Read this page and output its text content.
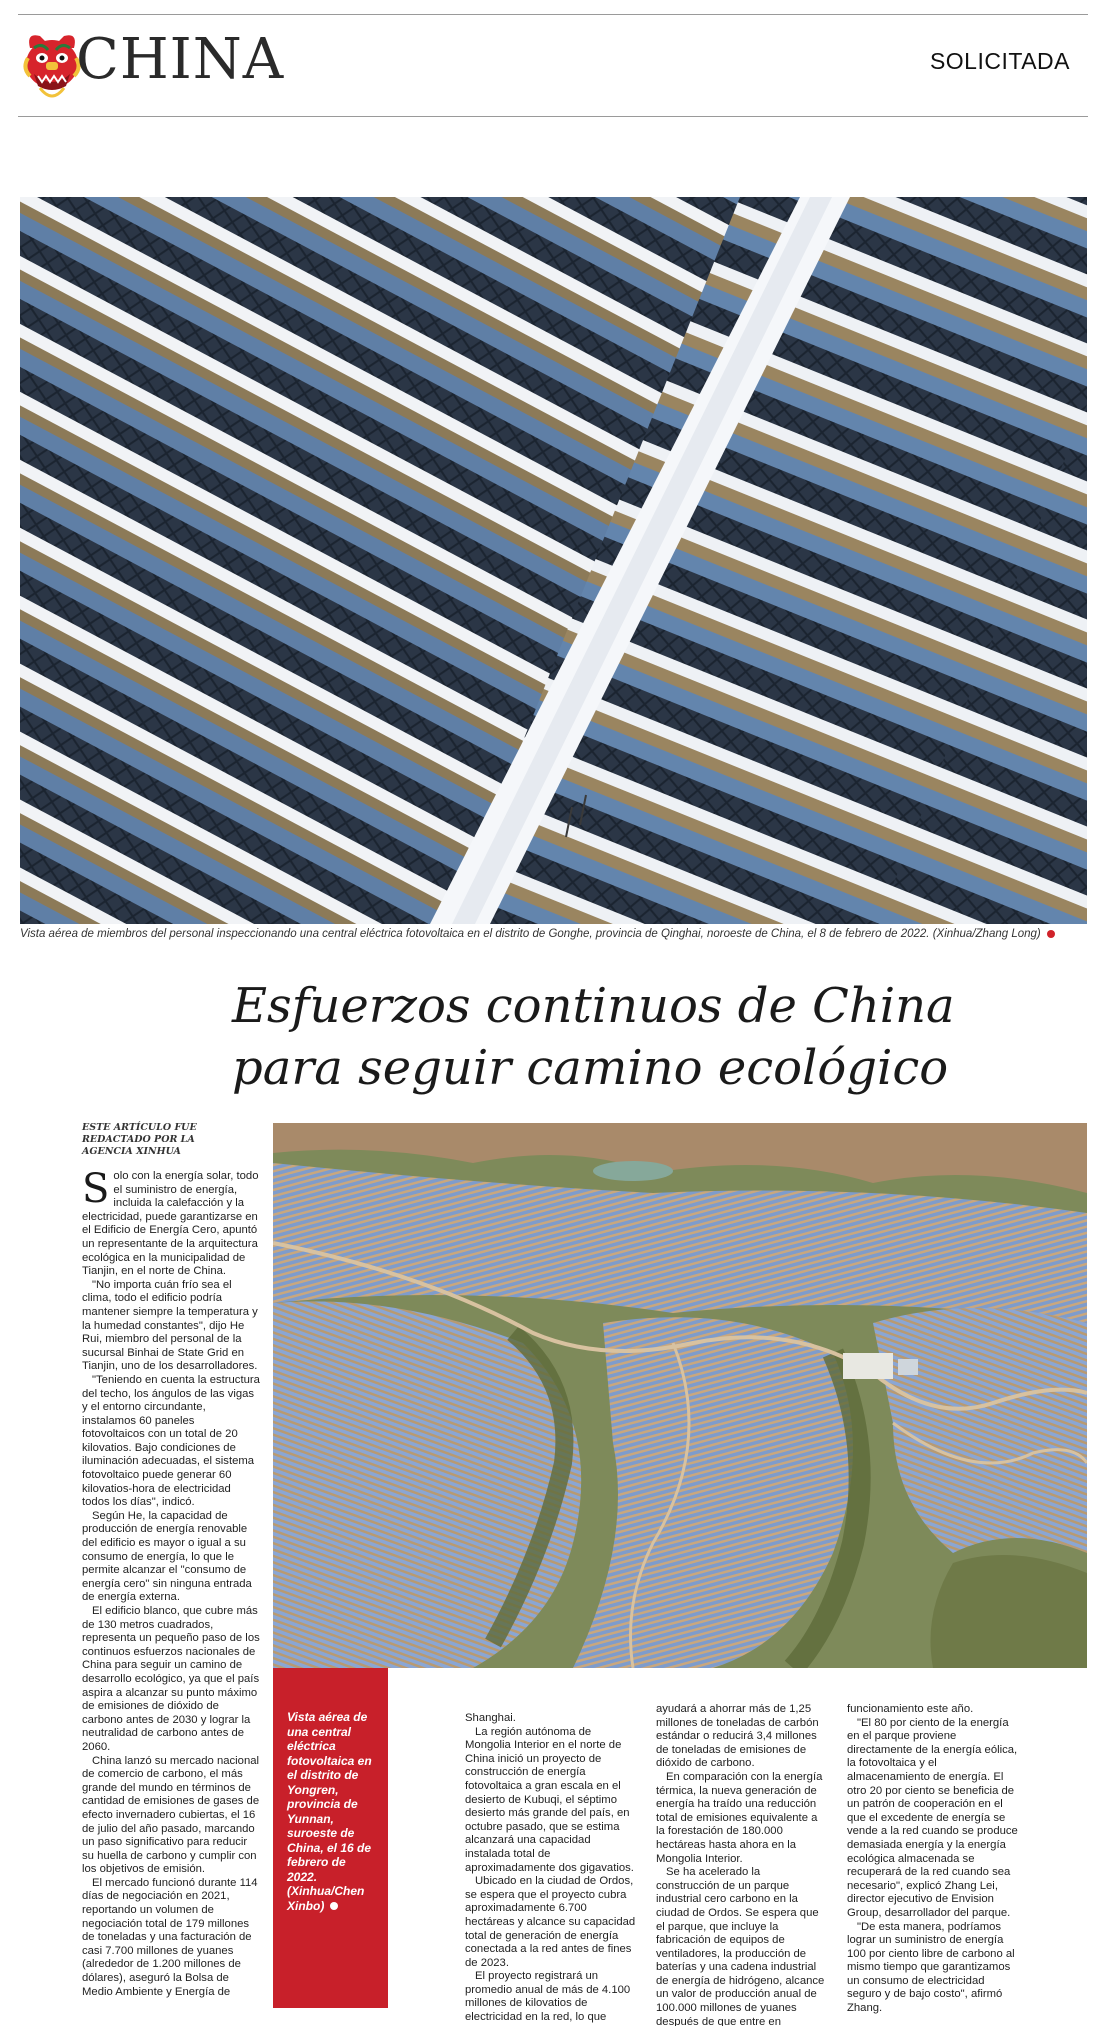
CHINA	SOLICITADA
Vista aérea de miembros del personal inspeccionando una central eléctrica fotovoltaica en el distrito de Gonghe, provincia de Qinghai, noroeste de China, el 8 de febrero de 2022. (Xinhua/Zhang Long)
Esfuerzos continuos de China
para seguir camino ecológico
ESTE ARTÍCULO FUE REDACTADO POR LA AGENCIA XINHUA

Solo con la energía solar, todo el suministro de energía, incluida la calefacción y la electricidad, puede garantizarse en el Edificio de Energía Cero, apuntó un representante de la arquitectura ecológica en la municipalidad de Tianjin, en el norte de China.

"No importa cuán frío sea el clima, todo el edificio podría mantener siempre la temperatura y la humedad constantes", dijo He Rui, miembro del personal de la sucursal Binhai de State Grid en Tianjin, uno de los desarrolladores.

"Teniendo en cuenta la estructura del techo, los ángulos de las vigas y el entorno circundante, instalamos 60 paneles fotovoltaicos con un total de 20 kilovatios. Bajo condiciones de iluminación adecuadas, el sistema fotovoltaico puede generar 60 kilovatios-hora de electricidad todos los días", indicó.

Según He, la capacidad de producción de energía renovable del edificio es mayor o igual a su consumo de energía, lo que le permite alcanzar el "consumo de energía cero" sin ninguna entrada de energía externa.

El edificio blanco, que cubre más de 130 metros cuadrados, representa un pequeño paso de los continuos esfuerzos nacionales de China para seguir un camino de desarrollo ecológico, ya que el país aspira a alcanzar su punto máximo de emisiones de dióxido de carbono antes de 2030 y lograr la neutralidad de carbono antes de 2060.

China lanzó su mercado nacional de comercio de carbono, el más grande del mundo en términos de cantidad de emisiones de gases de efecto invernadero cubiertas, el 16 de julio del año pasado, marcando un paso significativo para reducir su huella de carbono y cumplir con los objetivos de emisión.

El mercado funcionó durante 114 días de negociación en 2021, reportando un volumen de negociación total de 179 millones de toneladas y una facturación de casi 7.700 millones de yuanes (alrededor de 1.200 millones de dólares), aseguró la Bolsa de Medio Ambiente y Energía de

Vista aérea de una central eléctrica fotovoltaica en el distrito de Yongren, provincia de Yunnan, suroeste de China, el 16 de febrero de 2022. (Xinhua/Chen Xinbo)

Shanghai.

La región autónoma de Mongolia Interior en el norte de China inició un proyecto de construcción de energía fotovoltaica a gran escala en el desierto de Kubuqi, el séptimo desierto más grande del país, en octubre pasado, que se estima alcanzará una capacidad instalada total de aproximadamente dos gigavatios.

Ubicado en la ciudad de Ordos, se espera que el proyecto cubra aproximadamente 6.700 hectáreas y alcance su capacidad total de generación de energía conectada a la red antes de fines de 2023.

El proyecto registrará un promedio anual de más de 4.100 millones de kilovatios de electricidad en la red, lo que

ayudará a ahorrar más de 1,25 millones de toneladas de carbón estándar o reducirá 3,4 millones de toneladas de emisiones de dióxido de carbono.

En comparación con la energía térmica, la nueva generación de energía ha traído una reducción total de emisiones equivalente a la forestación de 180.000 hectáreas hasta ahora en la Mongolia Interior.

Se ha acelerado la construcción de un parque industrial cero carbono en la ciudad de Ordos. Se espera que el parque, que incluye la fabricación de equipos de ventiladores, la producción de baterías y una cadena industrial de energía de hidrógeno, alcance un valor de producción anual de 100.000 millones de yuanes después de que entre en

funcionamiento este año.

"El 80 por ciento de la energía en el parque proviene directamente de la energía eólica, la fotovoltaica y el almacenamiento de energía. El otro 20 por ciento se beneficia de un patrón de cooperación en el que el excedente de energía se vende a la red cuando se produce demasiada energía y la energía ecológica almacenada se recuperará de la red cuando sea necesario", explicó Zhang Lei, director ejecutivo de Envision Group, desarrollador del parque.

"De esta manera, podríamos lograr un suministro de energía 100 por ciento libre de carbono al mismo tiempo que garantizamos un consumo de electricidad seguro y de bajo costo", afirmó Zhang.
